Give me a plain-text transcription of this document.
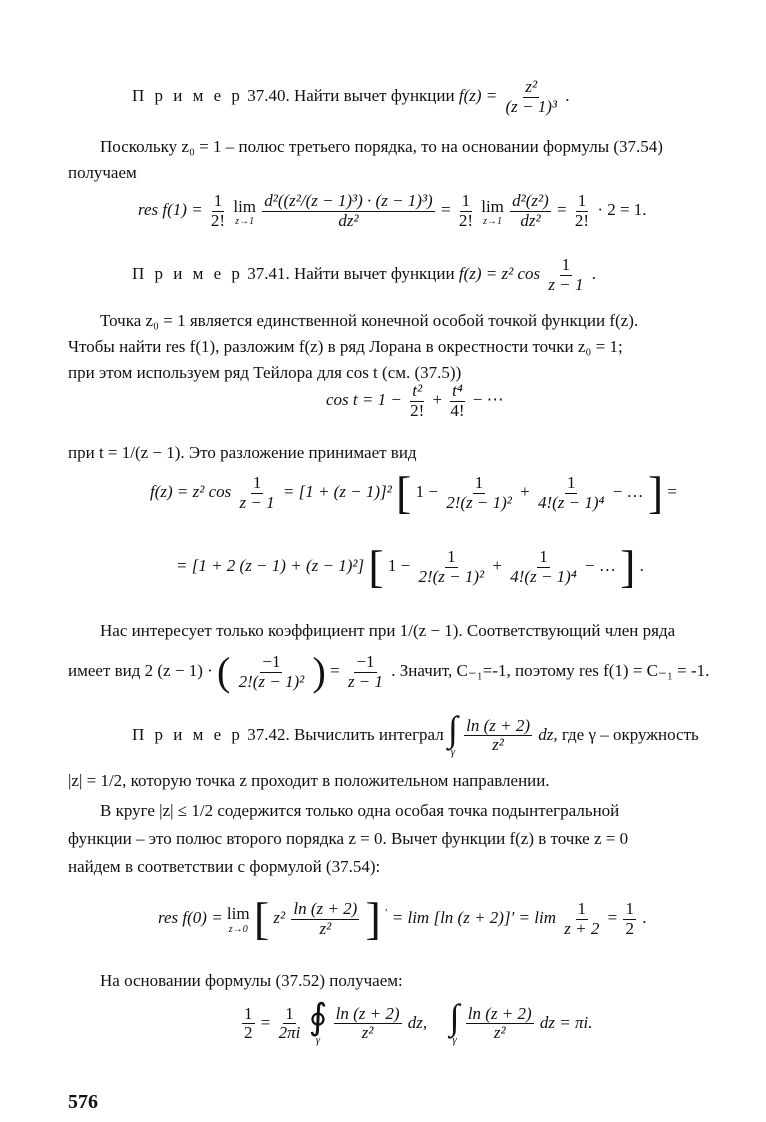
П р и м е р 37.40. Найти вычет функции $f(z) = \frac{\text{z²}}{\text{(z − 1)³}}$ .
Поскольку z₀ = 1 – полюс третьего порядка, то на основании формулы (37.54)
получаем
res $f(1) = \frac{1}{2!}$
lim
z→1
$\frac{\text{d²((z²/(z − 1)³) · (z − 1)³)}}{\text{dz²}} = \frac{1}{2!}$
lim
z→1
$\frac{\text{d²(z²)}}{\text{dz²}} = \frac{1}{2!} \cdot 2 = 1$.
П р и м е р 37.41. Найти вычет функции f(z) = z² $\cos \frac{1}{z - 1}$ .
Точка z₀ = 1 является единственной конечной особой точкой функции f(z).
Чтобы найти res f(1), разложим f(z) в ряд Лорана в окрестности точки z₀ = 1;
при этом используем ряд Тейлора для cos t (см. (37.5))
$\cos t = 1 - \frac{\text{t²}}{2!} + \frac{\text{t⁴}}{4!}$ − ⋯
при t = 1/(z − 1). Это разложение принимает вид
f(z) = z² $\cos \frac{1}{z - 1} = [1 + (z - 1)]^2$ [ $1 - \frac{1}{\text{2!(z − 1)²}} + \frac{1}{\text{4!(z − 1)⁴}}$ − … ] =
= [1 + 2 (z − 1) + (z − 1)²] [ $1 - \frac{1}{\text{2!(z − 1)²}} + \frac{1}{\text{4!(z − 1)⁴}}$ − … ] .
Нас интересует только коэффициент при 1/(z − 1). Соответствующий член ряда
имеет вид 2 (z − 1) · ( $\frac{-1}{\text{2!(z − 1)²}}$ ) = $\frac{-1}{z - 1}$ . Значит, C₋₁=-1, поэтому res f(1) = C₋₁ = -1.
П р и м е р 37.42. Вычислить интеграл ∫
γ
$\frac{\ln (z + 2)}{\text{z²}}$ dz, где γ – окружность
|z| = 1/2, которую точка z проходит в положительном направлении.
В круге |z| ≤ 1/2 содержится только одна особая точка подынтегральной
функции – это полюс второго порядка z = 0. Вычет функции f(z) в точке z = 0
найдем в соответствии с формулой (37.54):
res f(0) = lim
z→0 [ $z^2 \frac{\ln (z + 2)}{\text{z²}}$ ] ′ = lim [ln $(z + 2)]' = \lim \frac{1}{z + 2} = \frac{1}{2}$ .
На основании формулы (37.52) получаем:
$\frac{1}{2} = \frac{1}{2\pi i}$
∮
γ
$\frac{\ln (z + 2)}{\text{z²}}$ dz, ∫
γ
$\frac{\ln (z + 2)}{\text{z²}}$ dz = πi.
576
